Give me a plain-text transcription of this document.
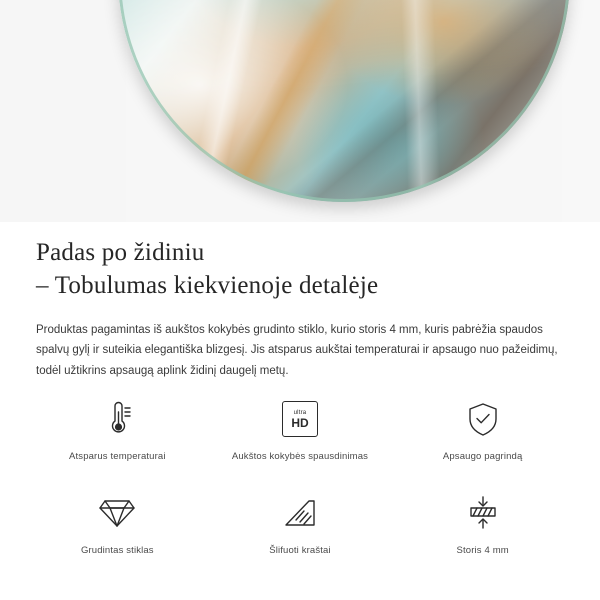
Padas po židiniu
– Tobulumas kiekvienoje detalėje

Produktas pagamintas iš aukštos kokybės grudinto stiklo, kurio storis 4 mm, kuris pabrėžia spaudos spalvų gylį ir suteikia elegantiška blizgesį. Jis atsparus aukštai temperaturai ir apsaugo nuo pažeidimų, todėl užtikrins apsaugą aplink židinį daugelį metų.

Atsparus temperaturai
ultra
HD
Aukštos kokybės spausdinimas	Apsaugo pagrindą
Grudintas stiklas	Šlifuoti kraštai	Storis 4 mm
